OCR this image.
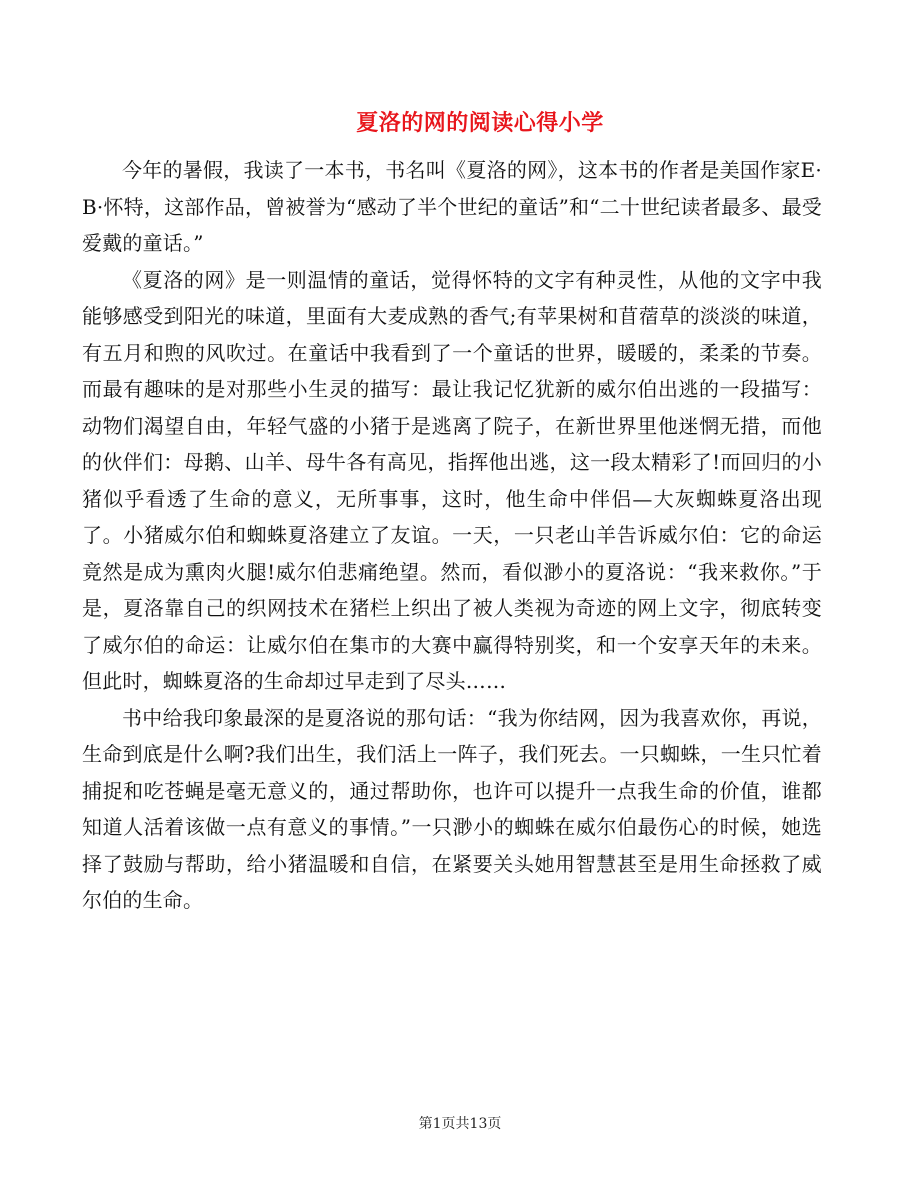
夏洛的网的阅读心得小学

今年的暑假，我读了一本书，书名叫《夏洛的网》，这本书的作者是美国作家E·B·怀特，这部作品，曾被誉为“感动了半个世纪的童话”和“二十世纪读者最多、最受爱戴的童话。”

《夏洛的网》是一则温情的童话，觉得怀特的文字有种灵性，从他的文字中我能够感受到阳光的味道，里面有大麦成熟的香气;有苹果树和苜蓿草的淡淡的味道，有五月和煦的风吹过。在童话中我看到了一个童话的世界，暖暖的，柔柔的节奏。而最有趣味的是对那些小生灵的描写：最让我记忆犹新的威尔伯出逃的一段描写：动物们渴望自由，年轻气盛的小猪于是逃离了院子，在新世界里他迷惘无措，而他的伙伴们：母鹅、山羊、母牛各有高见，指挥他出逃，这一段太精彩了!而回归的小猪似乎看透了生命的意义，无所事事，这时，他生命中伴侣—大灰蜘蛛夏洛出现了。小猪威尔伯和蜘蛛夏洛建立了友谊。一天，一只老山羊告诉威尔伯：它的命运竟然是成为熏肉火腿!威尔伯悲痛绝望。然而，看似渺小的夏洛说：“我来救你。”于是，夏洛靠自己的织网技术在猪栏上织出了被人类视为奇迹的网上文字，彻底转变了威尔伯的命运：让威尔伯在集市的大赛中赢得特别奖，和一个安享天年的未来。但此时，蜘蛛夏洛的生命却过早走到了尽头……

书中给我印象最深的是夏洛说的那句话：“我为你结网，因为我喜欢你，再说，生命到底是什么啊?我们出生，我们活上一阵子，我们死去。一只蜘蛛，一生只忙着捕捉和吃苍蝇是毫无意义的，通过帮助你，也许可以提升一点我生命的价值，谁都知道人活着该做一点有意义的事情。”一只渺小的蜘蛛在威尔伯最伤心的时候，她选择了鼓励与帮助，给小猪温暖和自信，在紧要关头她用智慧甚至是用生命拯救了威尔伯的生命。

第1页共13页
